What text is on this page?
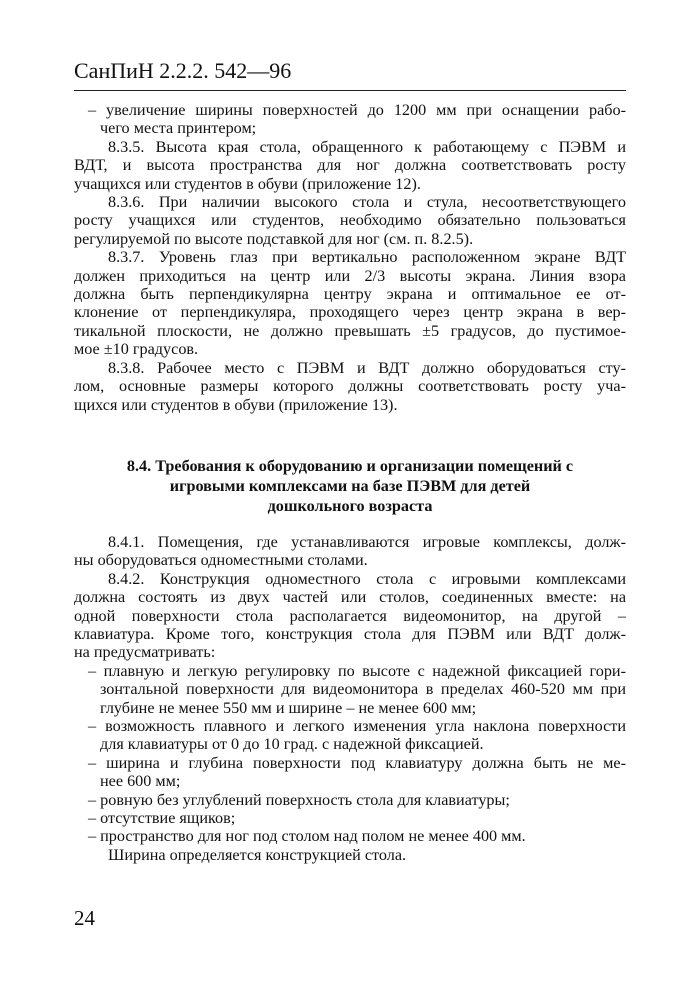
СанПиН 2.2.2. 542—96
– увеличение ширины поверхностей до 1200 мм при оснащении рабо-
чего места принтером;
8.3.5. Высота края стола, обращенного к работающему с ПЭВМ и
ВДТ, и высота пространства для ног должна соответствовать росту
учащихся или студентов в обуви (приложение 12).
8.3.6. При наличии высокого стола и стула, несоответствующего
росту учащихся или студентов, необходимо обязательно пользоваться
регулируемой по высоте подставкой для ног (см. п. 8.2.5).
8.3.7. Уровень глаз при вертикально расположенном экране ВДТ
должен приходиться на центр или 2/3 высоты экрана. Линия взора
должна быть перпендикулярна центру экрана и оптимальное ее от-
клонение от перпендикуляра, проходящего через центр экрана в вер-
тикальной плоскости, не должно превышать ±5 градусов, до пустимое-
мое ±10 градусов.
8.3.8. Рабочее место с ПЭВМ и ВДТ должно оборудоваться сту-
лом, основные размеры которого должны соответствовать росту уча-
щихся или студентов в обуви (приложение 13).
8.4. Требования к оборудованию и организации помещений с
игровыми комплексами на базе ПЭВМ для детей
дошкольного возраста
8.4.1. Помещения, где устанавливаются игровые комплексы, долж-
ны оборудоваться одноместными столами.
8.4.2. Конструкция одноместного стола с игровыми комплексами
должна состоять из двух частей или столов, соединенных вместе: на
одной поверхности стола располагается видеомонитор, на другой –
клавиатура. Кроме того, конструкция стола для ПЭВМ или ВДТ долж-
на предусматривать:
– плавную и легкую регулировку по высоте с надежной фиксацией гори-
зонтальной поверхности для видеомонитора в пределах 460-520 мм при
глубине не менее 550 мм и ширине – не менее 600 мм;
– возможность плавного и легкого изменения угла наклона поверхности
для клавиатуры от 0 до 10 град. с надежной фиксацией.
– ширина и глубина поверхности под клавиатуру должна быть не ме-
нее 600 мм;
– ровную без углублений поверхность стола для клавиатуры;
– отсутствие ящиков;
– пространство для ног под столом над полом не менее 400 мм.
Ширина определяется конструкцией стола.
24
